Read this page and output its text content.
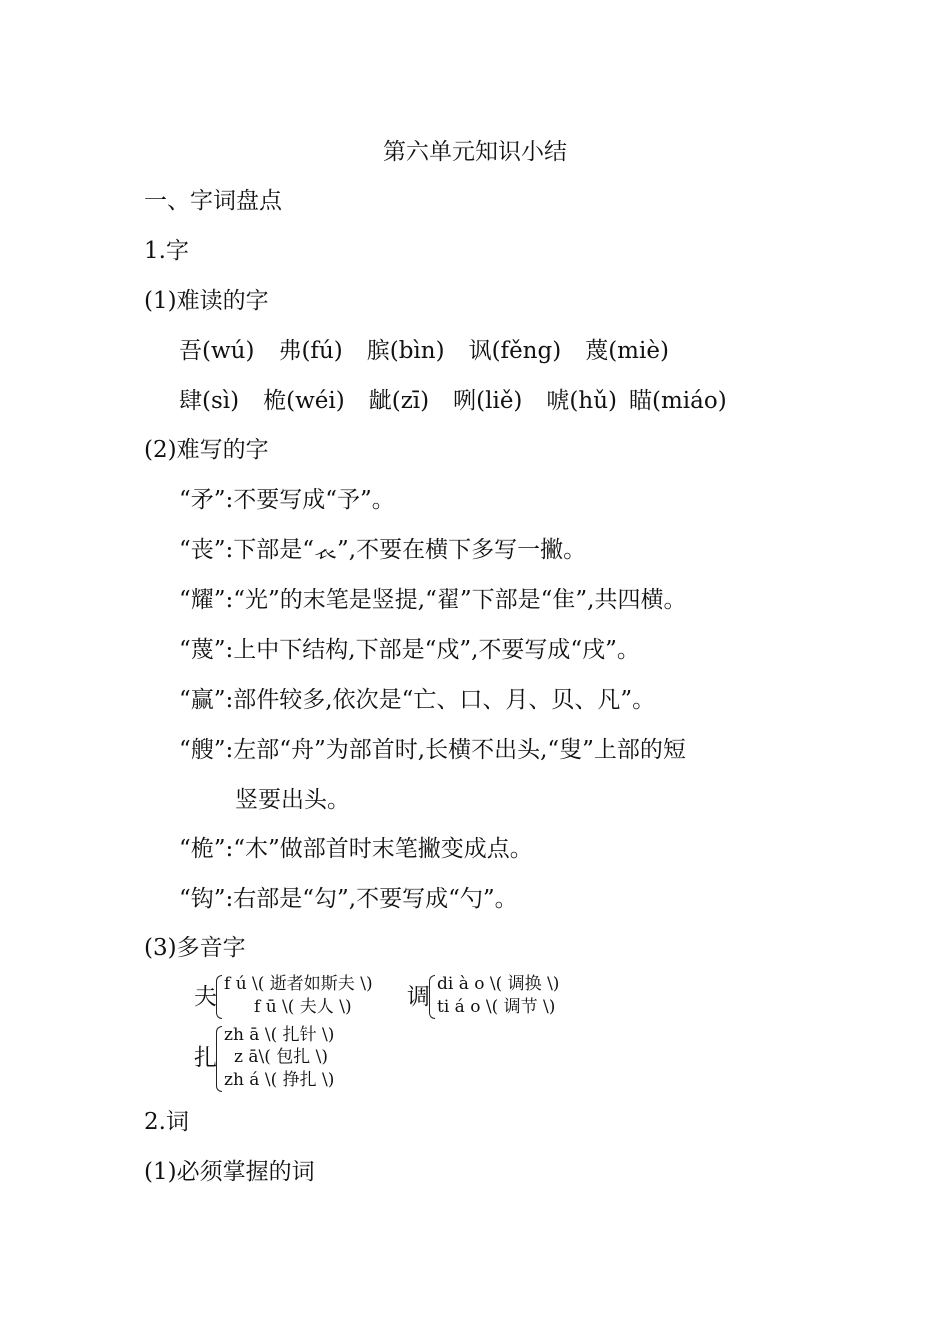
第六单元知识小结
一、字词盘点
1.字
(1)难读的字
吾(wú) 弗(fú) 膑(bìn) 讽(fěng) 蔑(miè)
肆(sì) 桅(wéi) 龇(zī) 咧(liě) 唬(hǔ) 瞄(miáo)
(2)难写的字
“矛”:不要写成“予”。
“丧”:下部是“𧘇”,不要在横下多写一撇。
“耀”:“光”的末笔是竖提,“翟”下部是“隹”,共四横。
“蔑”:上中下结构,下部是“戍”,不要写成“戌”。
“赢”:部件较多,依次是“亡、口、月、贝、凡”。
“艘”:左部“舟”为部首时,长横不出头,“叟”上部的短
竖要出头。
“桅”:“木”做部首时末笔撇变成点。
“钩”:右部是“勾”,不要写成“勺”。
(3)多音字
夫 f ú \( 逝者如斯夫 \)
f ū \( 夫人 \) 调 di à o \( 调换 \)
ti á o \( 调节 \)
扎
zh ā \( 扎针 \)
z ā\( 包扎 \)
zh á \( 挣扎 \)
2.词
(1)必须掌握的词
